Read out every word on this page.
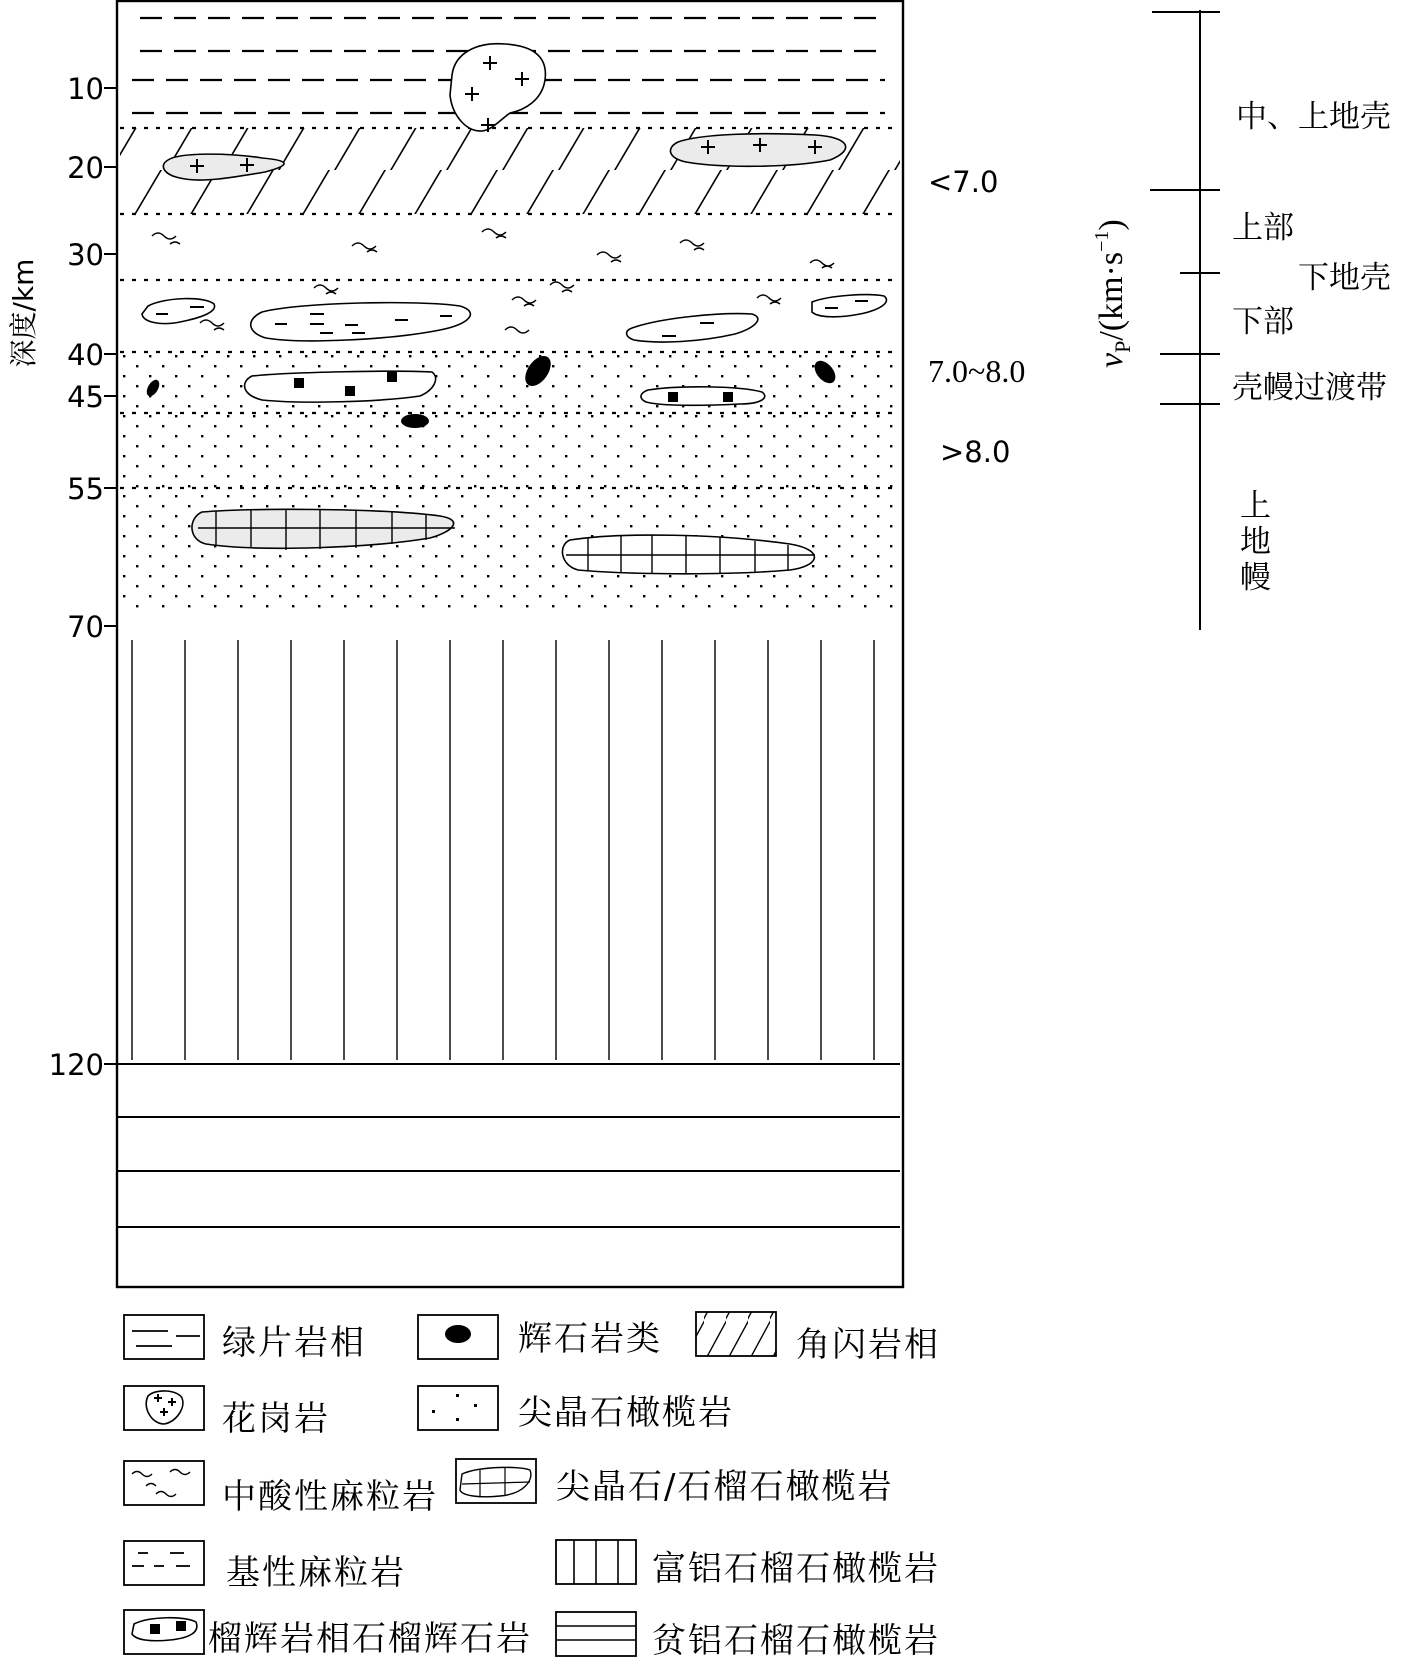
10
20
30
40
45
55
70
120
深度/km
<7.0
7.0~8.0
>8.0
$v_P/(km\cdot s^{-1})$
中、上地壳
上部
下地壳
下部
壳幔过渡带
上
地
幔
绿片岩相	辉石岩类	角闪岩相
花岗岩	尖晶石橄榄岩
中酸性麻粒岩	尖晶石/石榴石橄榄岩
基性麻粒岩	富铝石榴石橄榄岩
榴辉岩相石榴辉石岩	贫铝石榴石橄榄岩
